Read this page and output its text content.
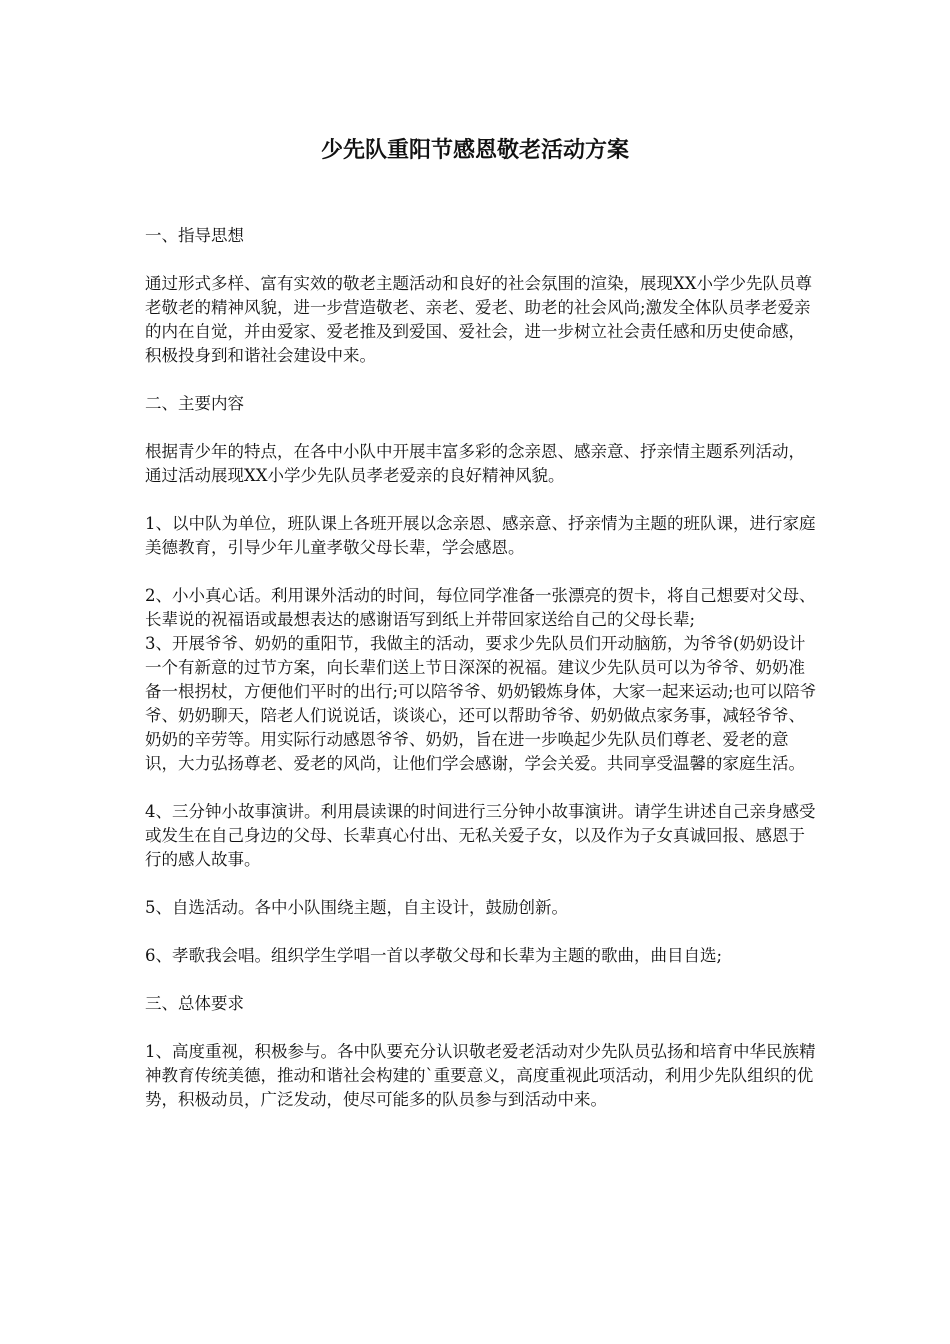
少先队重阳节感恩敬老活动方案

一、指导思想

通过形式多样、富有实效的敬老主题活动和良好的社会氛围的渲染，展现XX小学少先队员尊老敬老的精神风貌，进一步营造敬老、亲老、爱老、助老的社会风尚;激发全体队员孝老爱亲的内在自觉，并由爱家、爱老推及到爱国、爱社会，进一步树立社会责任感和历史使命感，积极投身到和谐社会建设中来。

二、主要内容

根据青少年的特点，在各中小队中开展丰富多彩的念亲恩、感亲意、抒亲情主题系列活动，通过活动展现XX小学少先队员孝老爱亲的良好精神风貌。

1、以中队为单位，班队课上各班开展以念亲恩、感亲意、抒亲情为主题的班队课，进行家庭美德教育，引导少年儿童孝敬父母长辈，学会感恩。

2、小小真心话。利用课外活动的时间，每位同学准备一张漂亮的贺卡，将自己想要对父母、长辈说的祝福语或最想表达的感谢语写到纸上并带回家送给自己的父母长辈;

3、开展爷爷、奶奶的重阳节，我做主的活动，要求少先队员们开动脑筋，为爷爷(奶奶设计一个有新意的过节方案，向长辈们送上节日深深的祝福。建议少先队员可以为爷爷、奶奶准备一根拐杖，方便他们平时的出行;可以陪爷爷、奶奶锻炼身体，大家一起来运动;也可以陪爷爷、奶奶聊天，陪老人们说说话，谈谈心，还可以帮助爷爷、奶奶做点家务事，减轻爷爷、奶奶的辛劳等。用实际行动感恩爷爷、奶奶，旨在进一步唤起少先队员们尊老、爱老的意识，大力弘扬尊老、爱老的风尚，让他们学会感谢，学会关爱。共同享受温馨的家庭生活。

4、三分钟小故事演讲。利用晨读课的时间进行三分钟小故事演讲。请学生讲述自己亲身感受或发生在自己身边的父母、长辈真心付出、无私关爱子女，以及作为子女真诚回报、感恩于行的感人故事。

5、自选活动。各中小队围绕主题，自主设计，鼓励创新。

6、孝歌我会唱。组织学生学唱一首以孝敬父母和长辈为主题的歌曲，曲目自选;

三、总体要求

1、高度重视，积极参与。各中队要充分认识敬老爱老活动对少先队员弘扬和培育中华民族精神教育传统美德，推动和谐社会构建的`重要意义，高度重视此项活动，利用少先队组织的优势，积极动员，广泛发动，使尽可能多的队员参与到活动中来。
